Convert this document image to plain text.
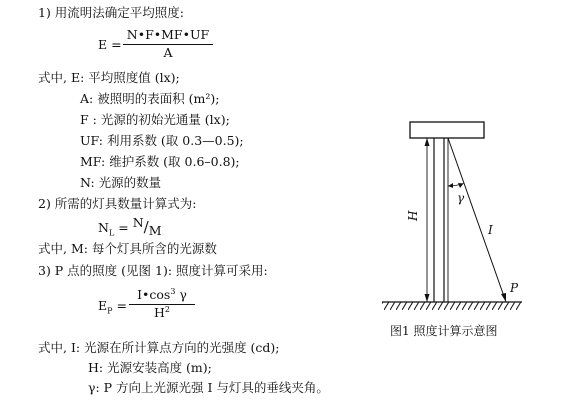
1) 用流明法确定平均照度:
$E = \frac{N•F•MF•UF}{A}$
式中, E: 平均照度值 (lx);
A: 被照明的表面积 (m²);
F : 光源的初始光通量 (lx);
UF: 利用系数 (取 0.3—0.5);
MF: 维护系数 (取 0.6–0.8);
N: 光源的数量
2) 所需的灯具数量计算式为:
$N_L = N/M$
式中, M: 每个灯具所含的光源数
3) P 点的照度 (见图 1): 照度计算可采用:
$E_P = \frac{I•\cos^3 \gamma}{H^2}$
式中, I: 光源在所计算点方向的光强度 (cd);
H: 光源安装高度 (m);
γ: P 方向上光源光强 I 与灯具的垂线夹角。
H
γ
I
P
图1 照度计算示意图
